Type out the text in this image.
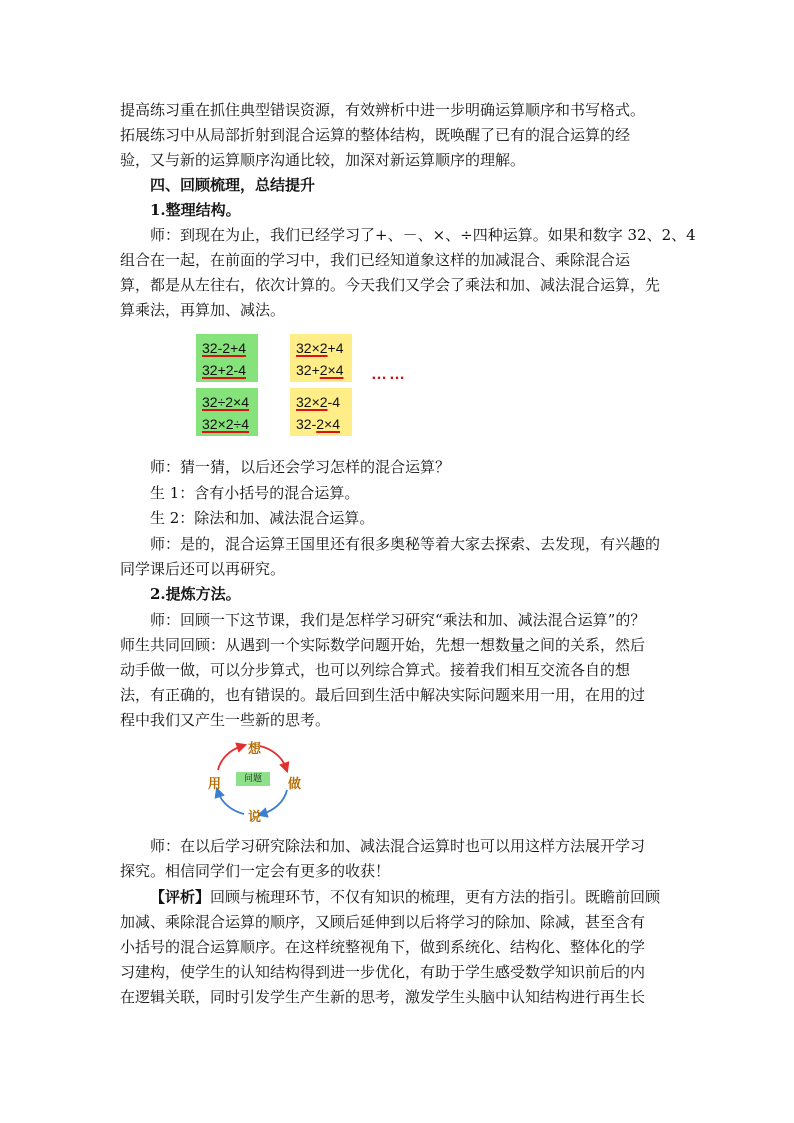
提高练习重在抓住典型错误资源，有效辨析中进一步明确运算顺序和书写格式。
拓展练习中从局部折射到混合运算的整体结构，既唤醒了已有的混合运算的经
验，又与新的运算顺序沟通比较，加深对新运算顺序的理解。
四、回顾梳理，总结提升
1.整理结构。
师：到现在为止，我们已经学习了+、－、×、÷四种运算。如果和数字 32、2、4
组合在一起，在前面的学习中，我们已经知道象这样的加减混合、乘除混合运
算，都是从左往右，依次计算的。今天我们又学会了乘法和加、减法混合运算，先
算乘法，再算加、减法。
32-2+4
32+2-4
32÷2×4
32×2÷4
32×2+4
32+2×4
32×2-4
32-2×4
……
师：猜一猜，以后还会学习怎样的混合运算？
生 1：含有小括号的混合运算。
生 2：除法和加、减法混合运算。
师：是的，混合运算王国里还有很多奥秘等着大家去探索、去发现，有兴趣的
同学课后还可以再研究。
2.提炼方法。
师：回顾一下这节课，我们是怎样学习研究“乘法和加、减法混合运算”的？
师生共同回顾：从遇到一个实际数学问题开始，先想一想数量之间的关系，然后
动手做一做，可以分步算式，也可以列综合算式。接着我们相互交流各自的想
法，有正确的，也有错误的。最后回到生活中解决实际问题来用一用，在用的过
程中我们又产生一些新的思考。
想
做
说
用	问题
师：在以后学习研究除法和加、减法混合运算时也可以用这样方法展开学习
探究。相信同学们一定会有更多的收获！
【评析】回顾与梳理环节，不仅有知识的梳理，更有方法的指引。既瞻前回顾
加减、乘除混合运算的顺序，又顾后延伸到以后将学习的除加、除减，甚至含有
小括号的混合运算顺序。在这样统整视角下，做到系统化、结构化、整体化的学
习建构，使学生的认知结构得到进一步优化，有助于学生感受数学知识前后的内
在逻辑关联，同时引发学生产生新的思考，激发学生头脑中认知结构进行再生长
